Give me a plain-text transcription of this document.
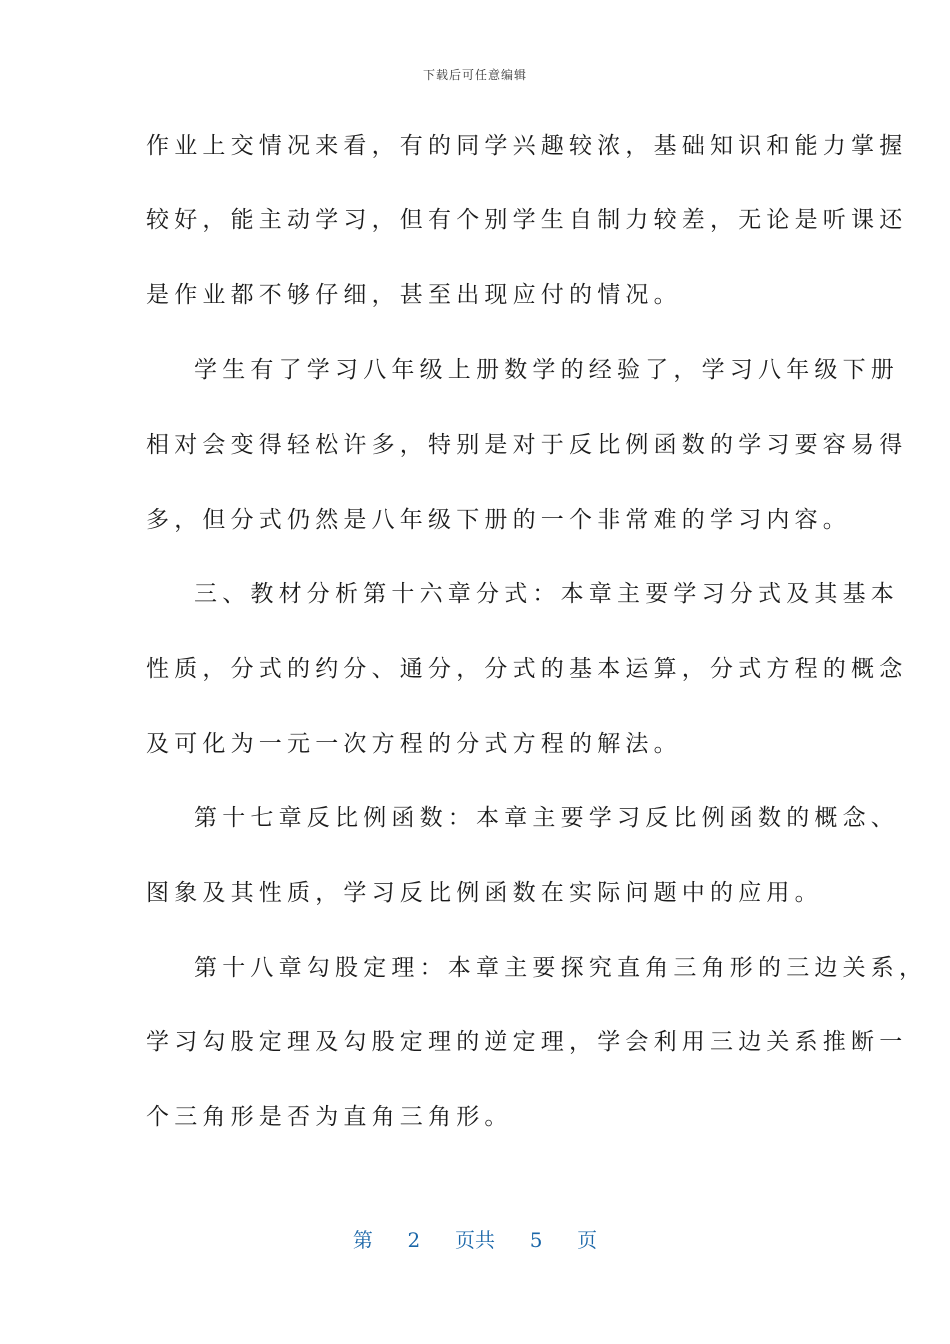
下载后可任意编辑
作业上交情况来看，有的同学兴趣较浓，基础知识和能力掌握
较好，能主动学习，但有个别学生自制力较差，无论是听课还
是作业都不够仔细，甚至出现应付的情况。
学生有了学习八年级上册数学的经验了，学习八年级下册
相对会变得轻松许多，特别是对于反比例函数的学习要容易得
多，但分式仍然是八年级下册的一个非常难的学习内容。
三、教材分析第十六章分式：本章主要学习分式及其基本
性质，分式的约分、通分，分式的基本运算，分式方程的概念
及可化为一元一次方程的分式方程的解法。
第十七章反比例函数：本章主要学习反比例函数的概念、
图象及其性质，学习反比例函数在实际问题中的应用。
第十八章勾股定理：本章主要探究直角三角形的三边关系，
学习勾股定理及勾股定理的逆定理，学会利用三边关系推断一
个三角形是否为直角三角形。
第 2 页共 5 页
